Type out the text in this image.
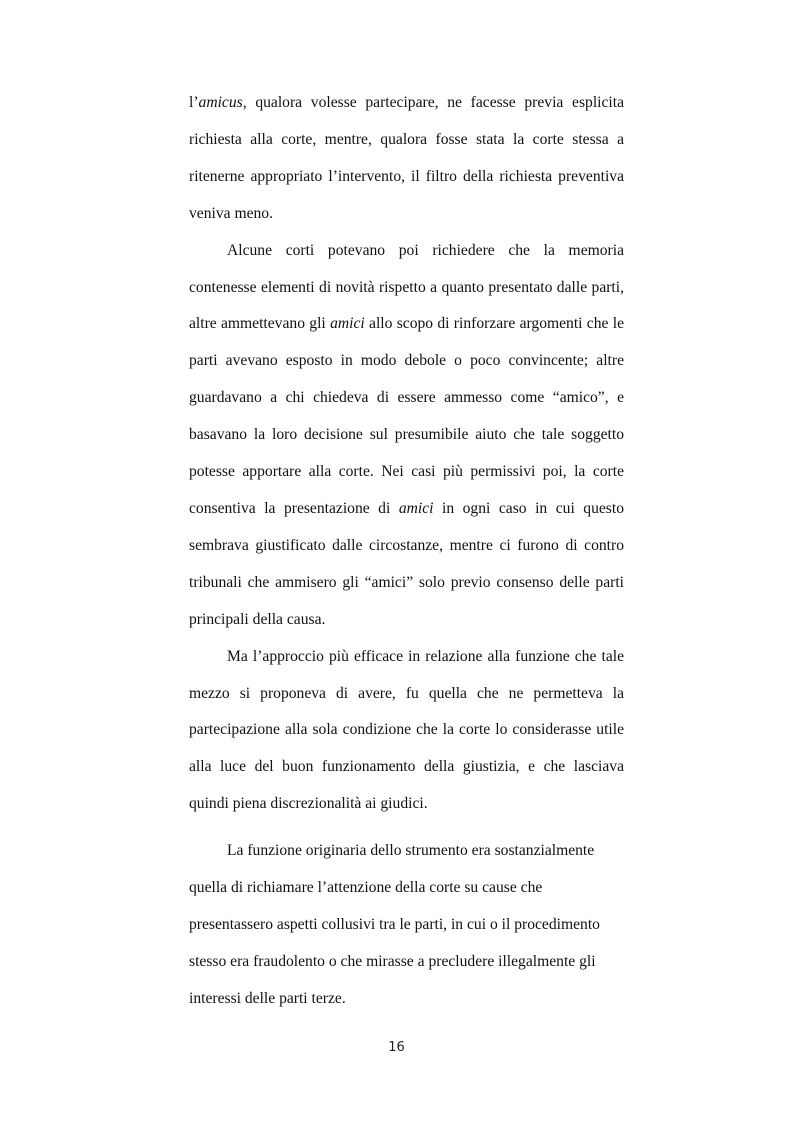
l’amicus, qualora volesse partecipare, ne facesse previa esplicita richiesta alla corte, mentre, qualora fosse stata la corte stessa a ritenerne appropriato l’intervento, il filtro della richiesta preventiva veniva meno.

Alcune corti potevano poi richiedere che la memoria contenesse elementi di novità rispetto a quanto presentato dalle parti, altre ammettevano gli amici allo scopo di rinforzare argomenti che le parti avevano esposto in modo debole o poco convincente; altre guardavano a chi chiedeva di essere ammesso come “amico”, e basavano la loro decisione sul presumibile aiuto che tale soggetto potesse apportare alla corte. Nei casi più permissivi poi, la corte consentiva la presentazione di amici in ogni caso in cui questo sembrava giustificato dalle circostanze, mentre ci furono di contro tribunali che ammisero gli “amici” solo previo consenso delle parti principali della causa.

Ma l’approccio più efficace in relazione alla funzione che tale mezzo si proponeva di avere, fu quella che ne permetteva la partecipazione alla sola condizione che la corte lo considerasse utile alla luce del buon funzionamento della giustizia, e che lasciava quindi piena discrezionalità ai giudici.

La funzione originaria dello strumento era sostanzialmente quella di richiamare l’attenzione della corte su cause che presentassero aspetti collusivi tra le parti, in cui o il procedimento stesso era fraudolento o che mirasse a precludere illegalmente gli interessi delle parti terze.

16
